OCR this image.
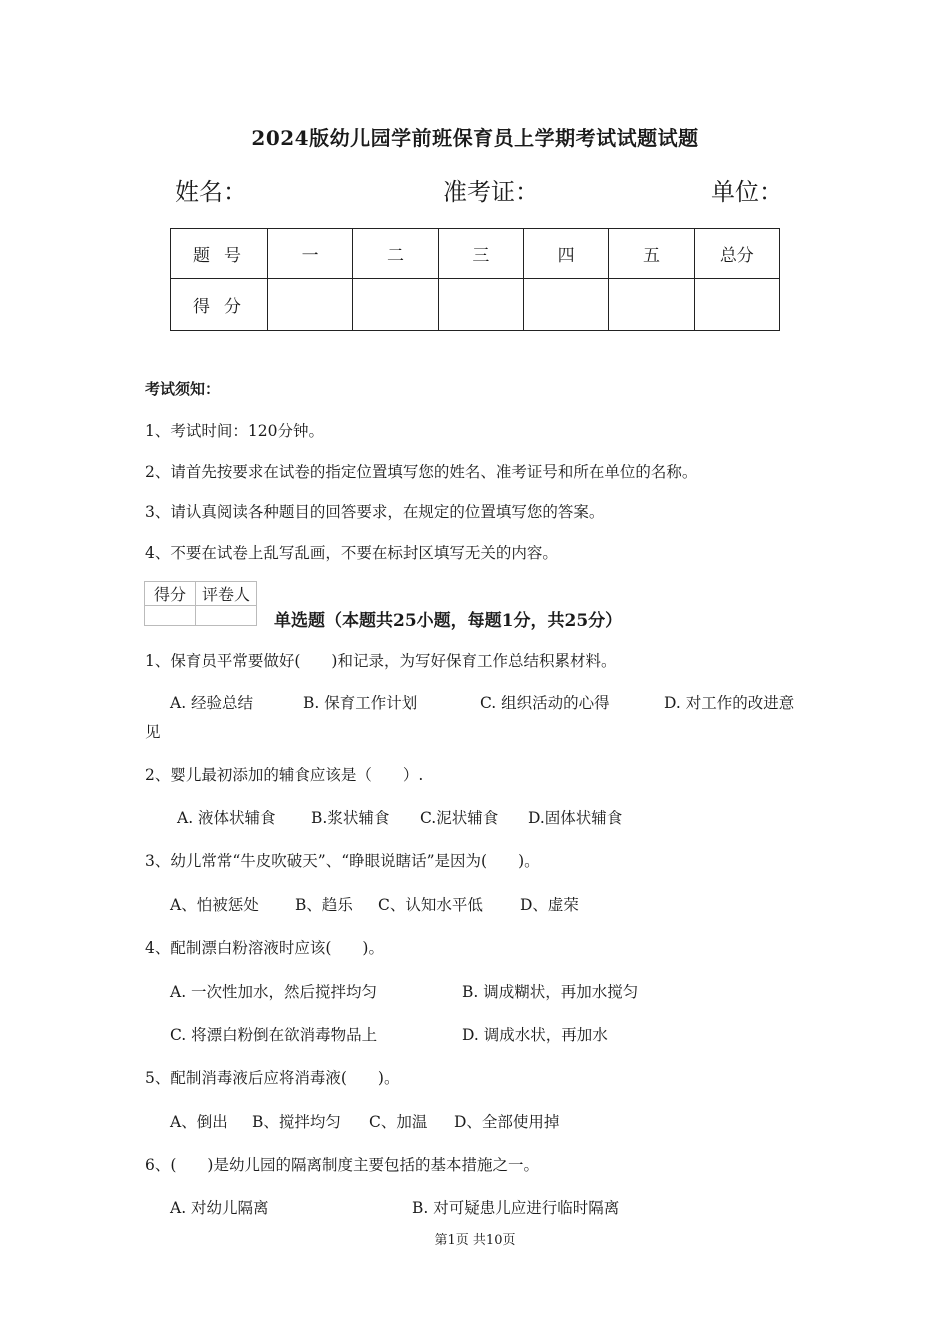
2024版幼儿园学前班保育员上学期考试试题试题
姓名：	准考证：	单位：
题号	一	二	三	四	五	总分
得分						
考试须知：
1、考试时间：120分钟。
2、请首先按要求在试卷的指定位置填写您的姓名、准考证号和所在单位的名称。
3、请认真阅读各种题目的回答要求，在规定的位置填写您的答案。
4、不要在试卷上乱写乱画，不要在标封区填写无关的内容。
得分	评卷人

单选题（本题共25小题，每题1分，共25分）
1、保育员平常要做好(　　)和记录，为写好保育工作总结积累材料。
A. 经验总结	B. 保育工作计划	C. 组织活动的心得	D. 对工作的改进意
见
2、婴儿最初添加的辅食应该是（　　）.
A. 液体状辅食 B.浆状辅食 C.泥状辅食 D.固体状辅食
3、幼儿常常“牛皮吹破天”、“睁眼说瞎话”是因为(　　)。
A、怕被惩处 B、趋乐 C、认知水平低 D、虚荣
4、配制漂白粉溶液时应该(　　)。
A. 一次性加水，然后搅拌均匀	B. 调成糊状，再加水搅匀
C. 将漂白粉倒在欲消毒物品上	D. 调成水状，再加水
5、配制消毒液后应将消毒液(　　)。
A、倒出 B、搅拌均匀 C、加温 D、全部使用掉
6、(　　)是幼儿园的隔离制度主要包括的基本措施之一。
A. 对幼儿隔离	B. 对可疑患儿应进行临时隔离
第1页 共10页
